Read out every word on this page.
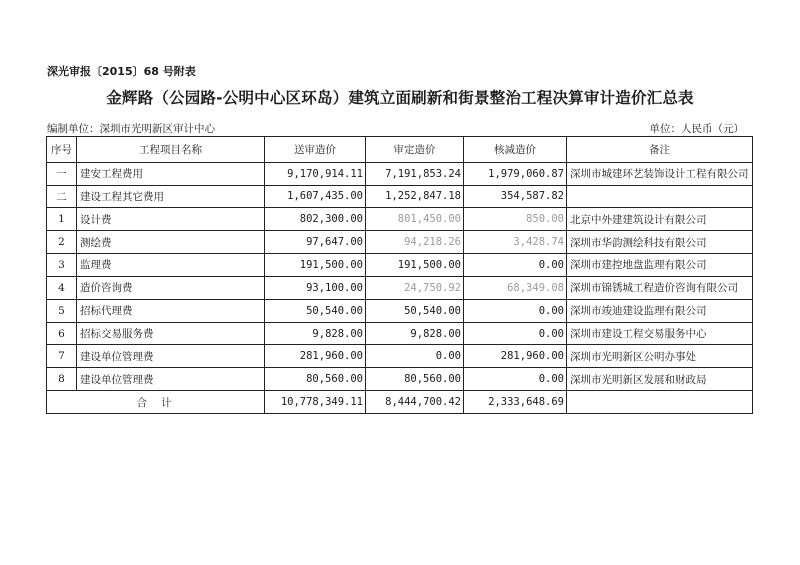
深光审报〔2015〕68 号附表
金辉路（公园路-公明中心区环岛）建筑立面刷新和街景整治工程决算审计造价汇总表
编制单位：深圳市光明新区审计中心	单位：人民币（元）
序号	工程项目名称	送审造价	审定造价	核减造价	备注
一	建安工程费用	9,170,914.11	7,191,853.24	1,979,060.87	深圳市城建环艺装饰设计工程有限公司
二	建设工程其它费用	1,607,435.00	1,252,847.18	354,587.82	
1	设计费	802,300.00	801,450.00	850.00	北京中外建建筑设计有限公司
2	测绘费	97,647.00	94,218.26	3,428.74	深圳市华韵测绘科技有限公司
3	监理费	191,500.00	191,500.00	0.00	深圳市建控地盘监理有限公司
4	造价咨询费	93,100.00	24,750.92	68,349.08	深圳市锦锈城工程造价咨询有限公司
5	招标代理费	50,540.00	50,540.00	0.00	深圳市竣迪建设监理有限公司
6	招标交易服务费	9,828.00	9,828.00	0.00	深圳市建设工程交易服务中心
7	建设单位管理费	281,960.00	0.00	281,960.00	深圳市光明新区公明办事处
8	建设单位管理费	80,560.00	80,560.00	0.00	深圳市光明新区发展和财政局
合计		10,778,349.11	8,444,700.42	2,333,648.69	
